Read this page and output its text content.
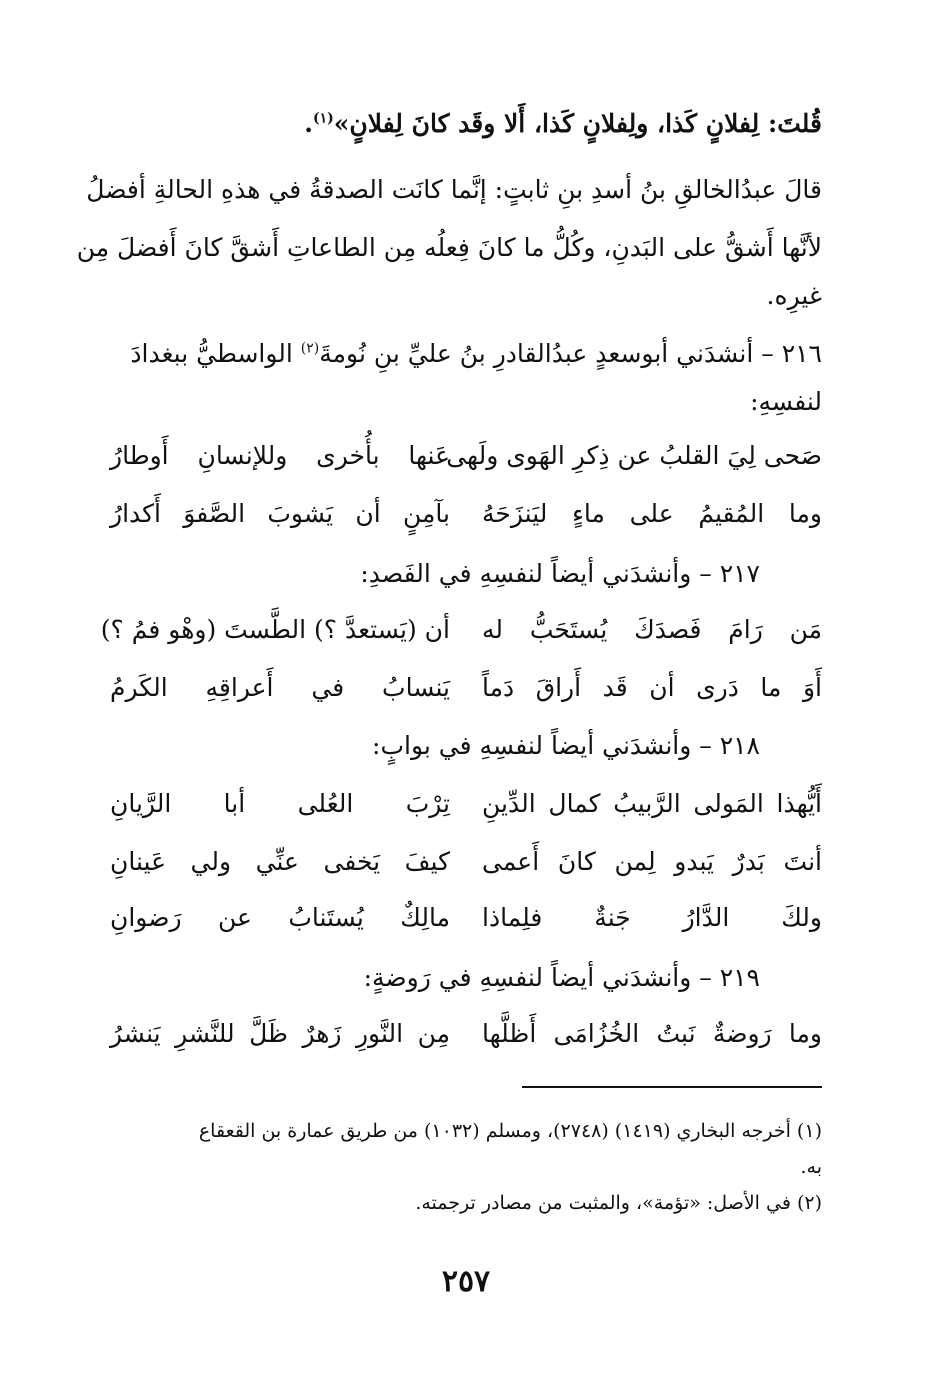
قُلتَ: لِفلانٍ كَذا، ولِفلانٍ كَذا، أَلا وقَد كانَ لِفلانٍ»$^{(١)}$.
قالَ عبدُالخالقِ بنُ أسدِ بنِ ثابتٍ: إنَّما كانَت الصدقةُ في هذهِ الحالةِ أفضلُ
لأنَّها أَشقُّ على البَدنِ، وكُلُّ ما كانَ فِعلُه مِن الطاعاتِ أَشقَّ كانَ أَفضلَ مِن
غيرِه.
٢١٦ – أنشدَني أبوسعدٍ عبدُالقادرِ بنُ عليِّ بنِ نُومةَ$^{(٢)}$ الواسطيُّ ببغدادَ
لنفسِهِ:
صَحى لِيَ القلبُ عن ذِكرِ الهَوى ولَهى
عَنها بأُخرى وللإنسانِ أَوطارُ
وما المُقيمُ على ماءٍ ليَنزَحَهُ
بآمِنٍ أن يَشوبَ الصَّفوَ أَكدارُ
٢١٧ – وأنشدَني أيضاً لنفسِهِ في الفَصدِ:
مَن رَامَ فَصدَكَ يُستَحَبُّ له
أن (يَستعدَّ ؟) الطَّستَ (وهْو فمُ ؟)
أَوَ ما دَرى أن قَد أَراقَ دَماً
يَنسابُ في أَعراقِهِ الكَرمُ
٢١٨ – وأنشدَني أيضاً لنفسِهِ في بوابٍ:
أَيُّهذا المَولى الرَّبيبُ كمال الدِّينِ
تِرْبَ العُلى أبا الرَّيانِ
أنتَ بَدرٌ يَبدو لِمن كانَ أَعمى
كيفَ يَخفى عنِّي ولي عَينانِ
ولكَ الدَّارُ جَنةٌ فلِماذا
مالِكٌ يُستَنابُ عن رَضوانِ
٢١٩ – وأنشدَني أيضاً لنفسِهِ في رَوضةٍ:
وما رَوضةٌ نَبتُ الخُزُامَى أَظلَّها
مِن النَّورِ زَهرٌ ظَلَّ للنَّشرِ يَنشرُ
(١) أخرجه البخاري (١٤١٩) (٢٧٤٨)، ومسلم (١٠٣٢) من طريق عمارة بن القعقاع
به.
(٢) في الأصل: «تؤمة»، والمثبت من مصادر ترجمته.
٢٥٧
